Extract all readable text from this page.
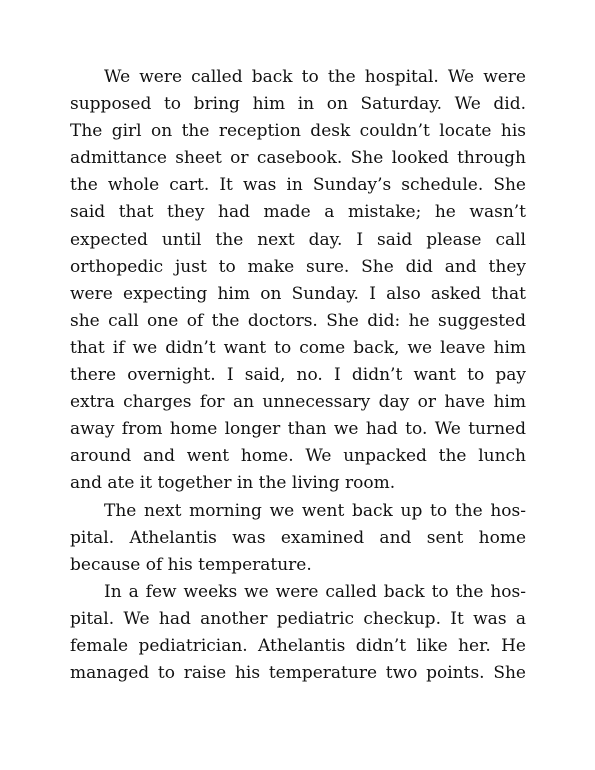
We were called back to the hospital. We were
supposed to bring him in on Saturday. We did.
The girl on the reception desk couldn’t locate his
admittance sheet or casebook. She looked through
the whole cart. It was in Sunday’s schedule. She
said that they had made a mistake; he wasn’t
expected until the next day. I said please call
orthopedic just to make sure. She did and they
were expecting him on Sunday. I also asked that
she call one of the doctors. She did: he suggested
that if we didn’t want to come back, we leave him
there overnight. I said, no. I didn’t want to pay
extra charges for an unnecessary day or have him
away from home longer than we had to. We turned
around and went home. We unpacked the lunch
and ate it together in the living room.
The next morning we went back up to the hos-
pital. Athelantis was examined and sent home
because of his temperature.
In a few weeks we were called back to the hos-
pital. We had another pediatric checkup. It was a
female pediatrician. Athelantis didn’t like her. He
managed to raise his temperature two points. She
